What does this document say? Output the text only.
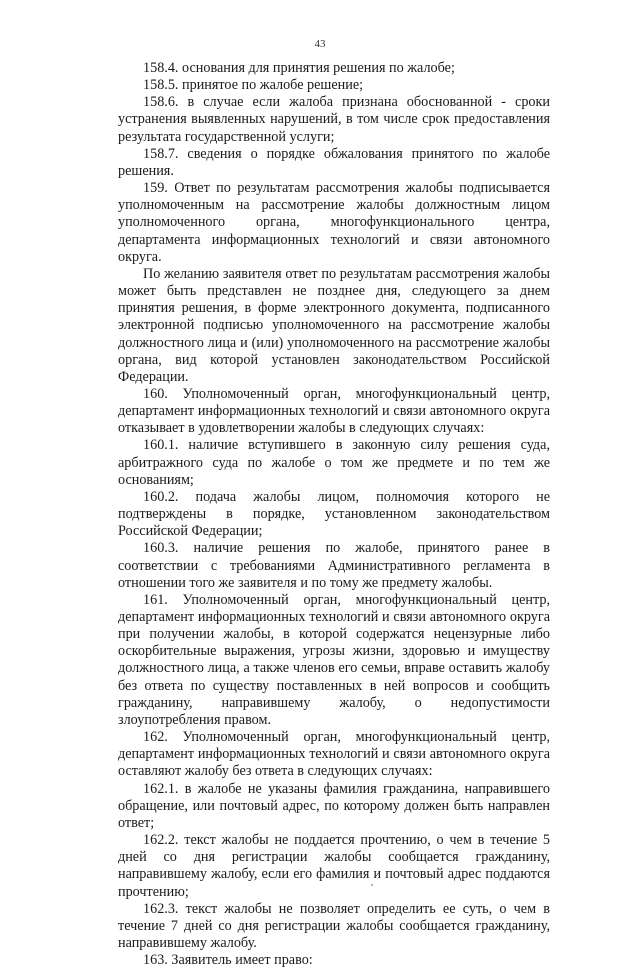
43

158.4. основания для принятия решения по жалобе;

158.5. принятое по жалобе решение;

158.6. в случае если жалоба признана обоснованной - сроки устранения выявленных нарушений, в том числе срок предоставления результата государственной услуги;

158.7. сведения о порядке обжалования принятого по жалобе решения.

159. Ответ по результатам рассмотрения жалобы подписывается уполномоченным на рассмотрение жалобы должностным лицом уполномоченного органа, многофункционального центра, департамента информационных технологий и связи автономного округа.

По желанию заявителя ответ по результатам рассмотрения жалобы может быть представлен не позднее дня, следующего за днем принятия решения, в форме электронного документа, подписанного электронной подписью уполномоченного на рассмотрение жалобы должностного лица и (или) уполномоченного на рассмотрение жалобы органа, вид которой установлен законодательством Российской Федерации.

160. Уполномоченный орган, многофункциональный центр, департамент информационных технологий и связи автономного округа отказывает в удовлетворении жалобы в следующих случаях:

160.1. наличие вступившего в законную силу решения суда, арбитражного суда по жалобе о том же предмете и по тем же основаниям;

160.2. подача жалобы лицом, полномочия которого не подтверждены в порядке, установленном законодательством Российской Федерации;

160.3. наличие решения по жалобе, принятого ранее в соответствии с требованиями Административного регламента в отношении того же заявителя и по тому же предмету жалобы.

161. Уполномоченный орган, многофункциональный центр, департамент информационных технологий и связи автономного округа при получении жалобы, в которой содержатся нецензурные либо оскорбительные выражения, угрозы жизни, здоровью и имуществу должностного лица, а также членов его семьи, вправе оставить жалобу без ответа по существу поставленных в ней вопросов и сообщить гражданину, направившему жалобу, о недопустимости злоупотребления правом.

162. Уполномоченный орган, многофункциональный центр, департамент информационных технологий и связи автономного округа оставляют жалобу без ответа в следующих случаях:

162.1. в жалобе не указаны фамилия гражданина, направившего обращение, или почтовый адрес, по которому должен быть направлен ответ;

162.2. текст жалобы не поддается прочтению, о чем в течение 5 дней со дня регистрации жалобы сообщается гражданину, направившему жалобу, если его фамилия и почтовый адрес поддаются прочтению;

162.3. текст жалобы не позволяет определить ее суть, о чем в течение 7 дней со дня регистрации жалобы сообщается гражданину, направившему жалобу.

163. Заявитель имеет право:
